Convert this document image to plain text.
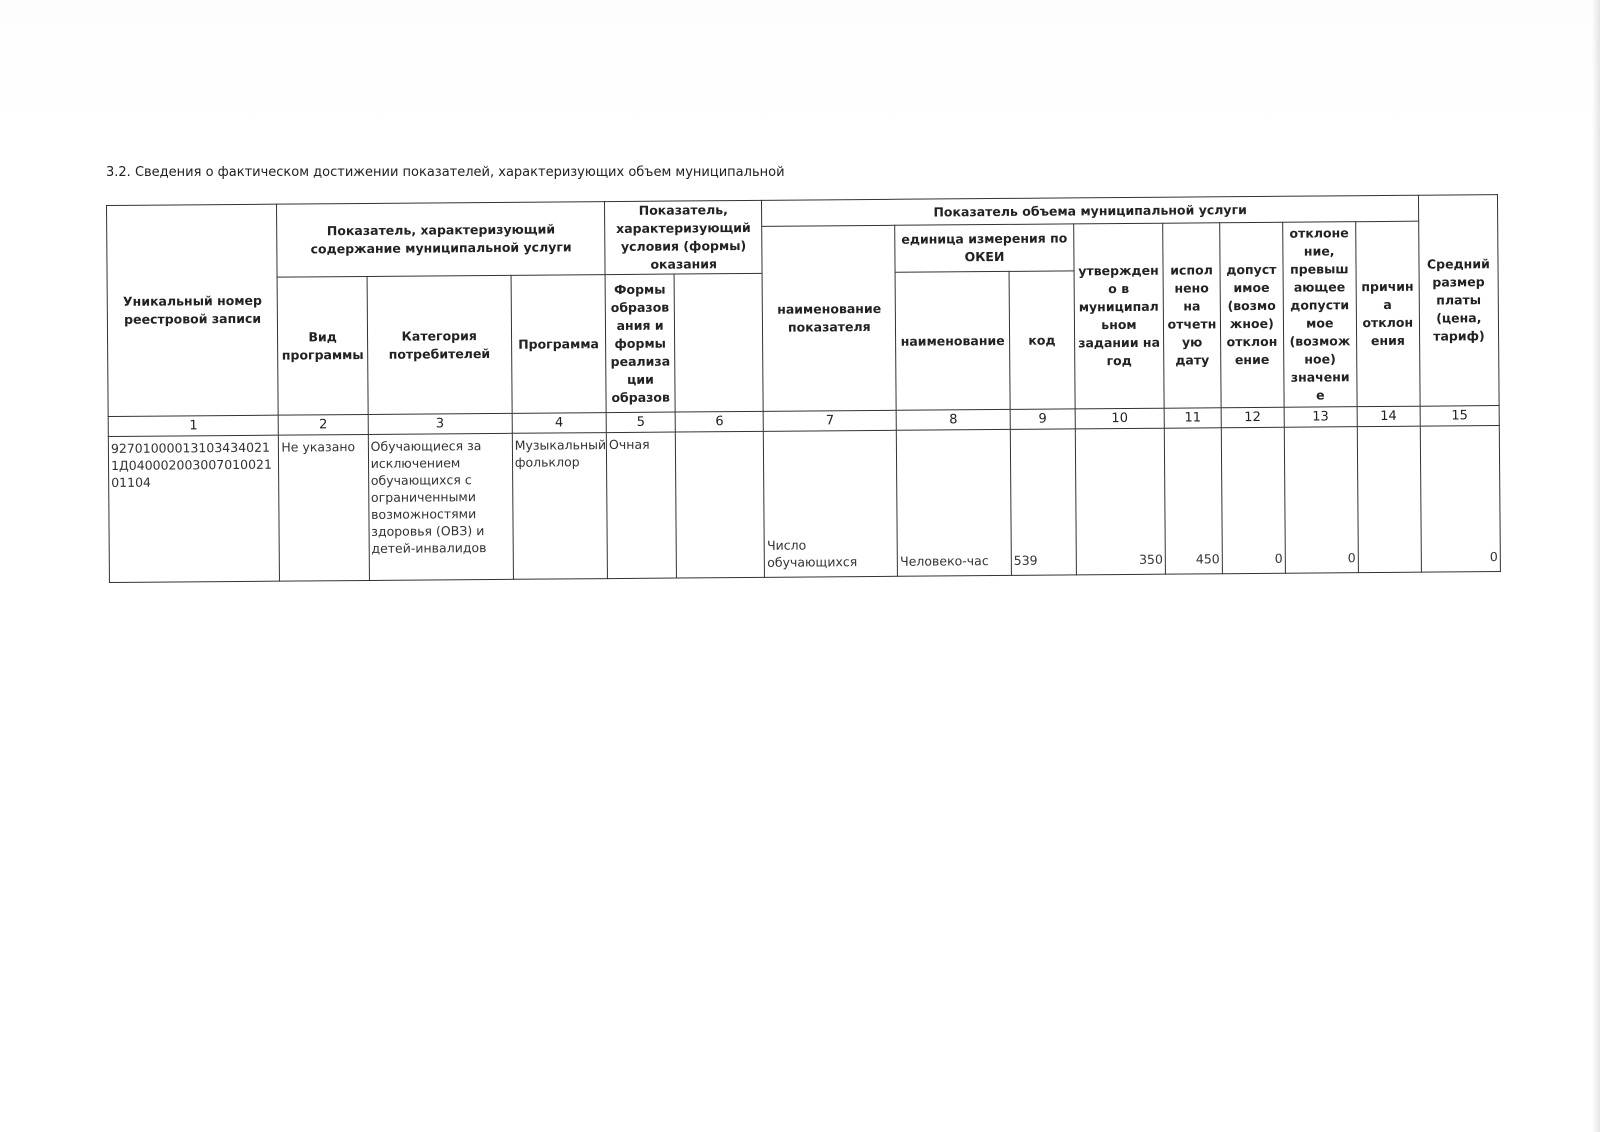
3.2. Сведения о фактическом достижении показателей, характеризующих объем муниципальной
Уникальный номер реестровой записи	Показатель, характеризующий содержание муниципальной услуги			Показатель, характеризующий условия (формы) оказания		Показатель объема муниципальной услуги								Средний размер платы (цена, тариф)
						наименование показателя	единица измерения по ОКЕИ		утвержден о в муниципал ьном задании на год	испол нено на отчетн ую дату	допуст имое (возмо жное) отклон ение	отклоне ние, превыш ающее допусти мое (возмож ное) значени е	причин а отклон ения	
	Вид программы	Категория потребителей	Программа	Формы образов ания и формы реализа ции образов			наименование	код						
1	2	3	4	5	6	7	8	9	10	11	12	13	14	15
927010000131034340211Д04000200300701002101104	Не указано	Обучающиеся за исключением обучающихся с ограниченными возможностями здоровья (ОВЗ) и детей-инвалидов	Музыкальный фольклор	Очная		Число обучающихся	Человеко-час	539	350	450	0	0		0
